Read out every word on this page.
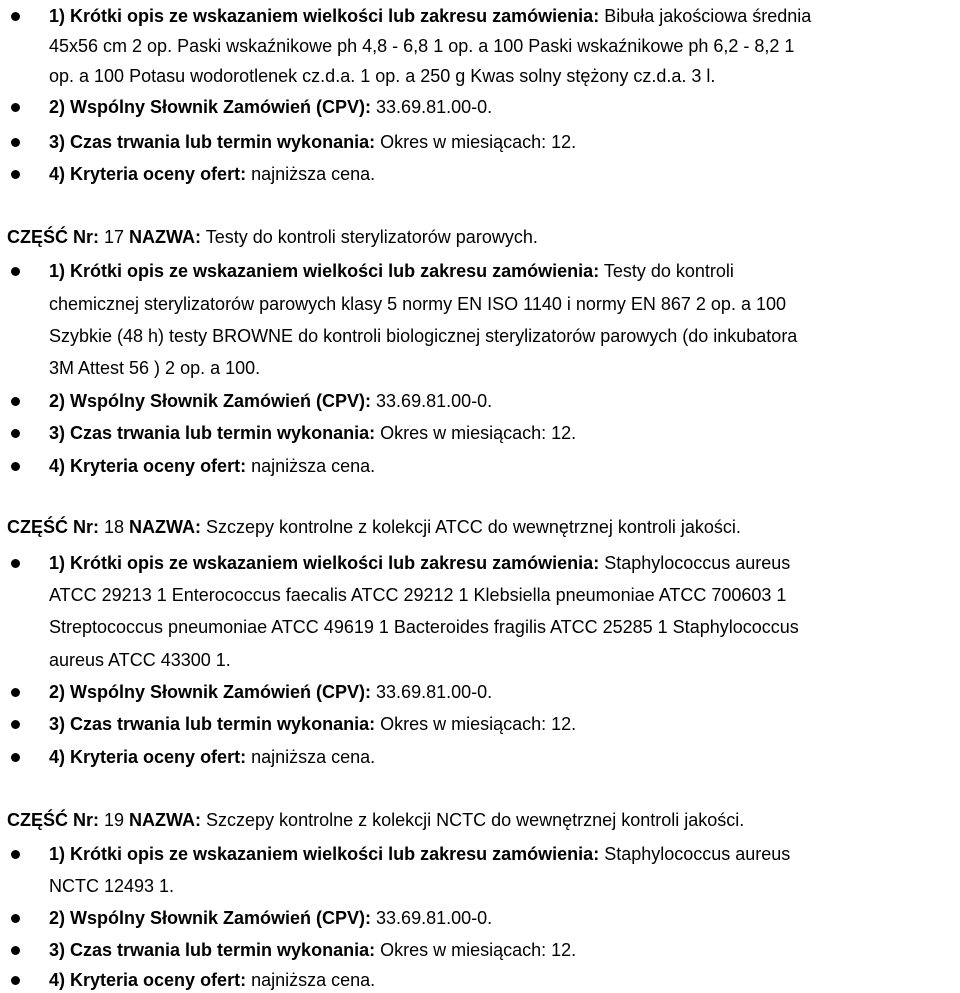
1) Krótki opis ze wskazaniem wielkości lub zakresu zamówienia: Bibuła jakościowa średnia
45x56 cm 2 op. Paski wskaźnikowe ph 4,8 - 6,8 1 op. a 100 Paski wskaźnikowe ph 6,2 - 8,2 1
op. a 100 Potasu wodorotlenek cz.d.a. 1 op. a 250 g Kwas solny stężony cz.d.a. 3 l.
2) Wspólny Słownik Zamówień (CPV): 33.69.81.00-0.
3) Czas trwania lub termin wykonania: Okres w miesiącach: 12.
4) Kryteria oceny ofert: najniższa cena.
CZĘŚĆ Nr: 17 NAZWA: Testy do kontroli sterylizatorów parowych.
1) Krótki opis ze wskazaniem wielkości lub zakresu zamówienia: Testy do kontroli
chemicznej sterylizatorów parowych klasy 5 normy EN ISO 1140 i normy EN 867 2 op. a 100
Szybkie (48 h) testy BROWNE do kontroli biologicznej sterylizatorów parowych (do inkubatora
3M Attest 56 ) 2 op. a 100.
2) Wspólny Słownik Zamówień (CPV): 33.69.81.00-0.
3) Czas trwania lub termin wykonania: Okres w miesiącach: 12.
4) Kryteria oceny ofert: najniższa cena.
CZĘŚĆ Nr: 18 NAZWA: Szczepy kontrolne z kolekcji ATCC do wewnętrznej kontroli jakości.
1) Krótki opis ze wskazaniem wielkości lub zakresu zamówienia: Staphylococcus aureus
ATCC 29213 1 Enterococcus faecalis ATCC 29212 1 Klebsiella pneumoniae ATCC 700603 1
Streptococcus pneumoniae ATCC 49619 1 Bacteroides fragilis ATCC 25285 1 Staphylococcus
aureus ATCC 43300 1.
2) Wspólny Słownik Zamówień (CPV): 33.69.81.00-0.
3) Czas trwania lub termin wykonania: Okres w miesiącach: 12.
4) Kryteria oceny ofert: najniższa cena.
CZĘŚĆ Nr: 19 NAZWA: Szczepy kontrolne z kolekcji NCTC do wewnętrznej kontroli jakości.
1) Krótki opis ze wskazaniem wielkości lub zakresu zamówienia: Staphylococcus aureus
NCTC 12493 1.
2) Wspólny Słownik Zamówień (CPV): 33.69.81.00-0.
3) Czas trwania lub termin wykonania: Okres w miesiącach: 12.
4) Kryteria oceny ofert: najniższa cena.
